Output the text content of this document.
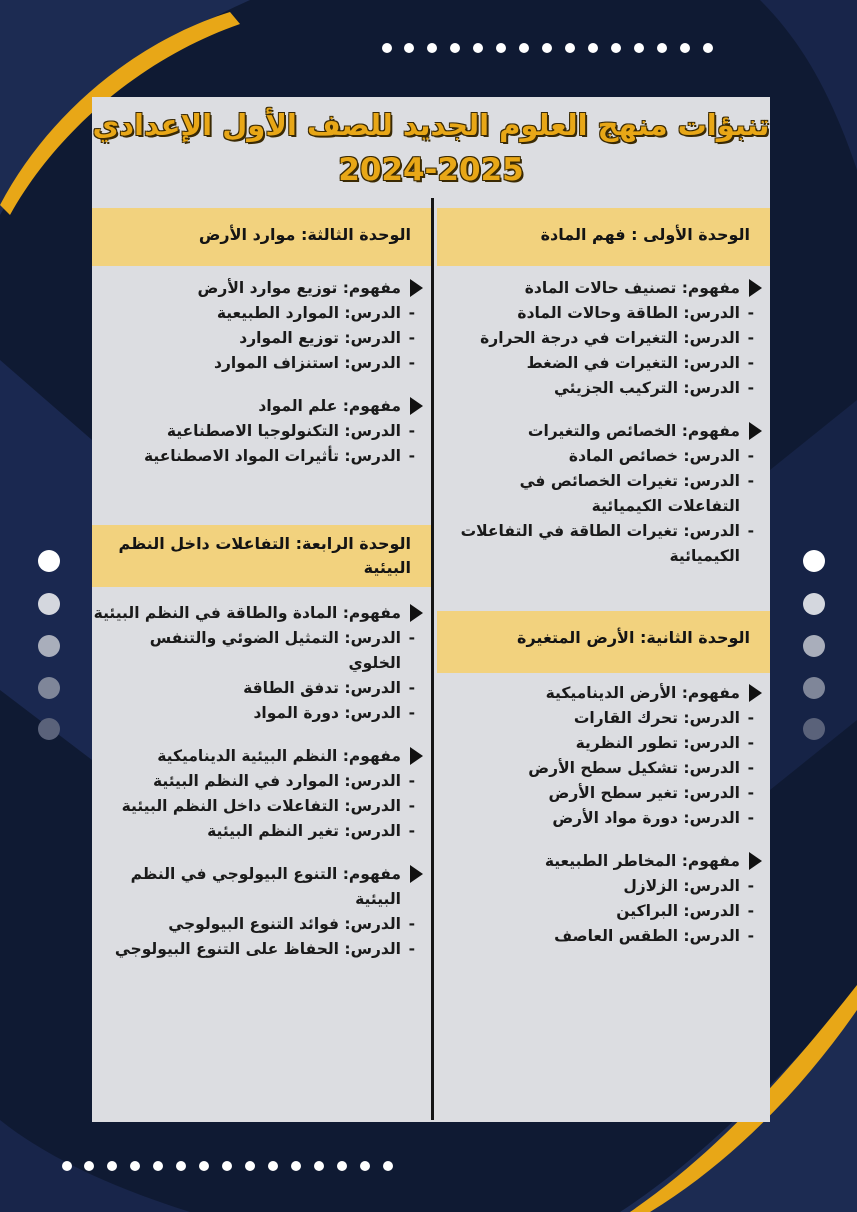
تنبؤات منهج العلوم الجديد للصف الأول الإعدادي
2024-2025
الوحدة الأولى : فهم المادة
مفهوم: تصنيف حالات المادة
-
الدرس: الطاقة وحالات المادة
-
الدرس: التغيرات في درجة الحرارة
-
الدرس: التغيرات في الضغط
-
الدرس: التركيب الجزيئي
مفهوم: الخصائص والتغيرات
-
الدرس: خصائص المادة
-
الدرس: تغيرات الخصائص في التفاعلات الكيميائية
-
الدرس: تغيرات الطاقة في التفاعلات الكيميائية
الوحدة الثانية: الأرض المتغيرة
مفهوم: الأرض الديناميكية
-
الدرس: تحرك القارات
-
الدرس: تطور النظرية
-
الدرس: تشكيل سطح الأرض
-
الدرس: تغير سطح الأرض
-
الدرس: دورة مواد الأرض
مفهوم: المخاطر الطبيعية
-
الدرس: الزلازل
-
الدرس: البراكين
-
الدرس: الطقس العاصف
الوحدة الثالثة: موارد الأرض
مفهوم: توزيع موارد الأرض
-
الدرس: الموارد الطبيعية
-
الدرس: توزيع الموارد
-
الدرس: استنزاف الموارد
مفهوم: علم المواد
-
الدرس: التكنولوجيا الاصطناعية
-
الدرس: تأثيرات المواد الاصطناعية
الوحدة الرابعة: التفاعلات داخل النظم البيئية
مفهوم: المادة والطاقة في النظم البيئية
-
الدرس: التمثيل الضوئي والتنفس الخلوي
-
الدرس: تدفق الطاقة
-
الدرس: دورة المواد
مفهوم: النظم البيئية الديناميكية
-
الدرس: الموارد في النظم البيئية
-
الدرس: التفاعلات داخل النظم البيئية
-
الدرس: تغير النظم البيئية
مفهوم: التنوع البيولوجي في النظم البيئية
-
الدرس: فوائد التنوع البيولوجي
-
الدرس: الحفاظ على التنوع البيولوجي
